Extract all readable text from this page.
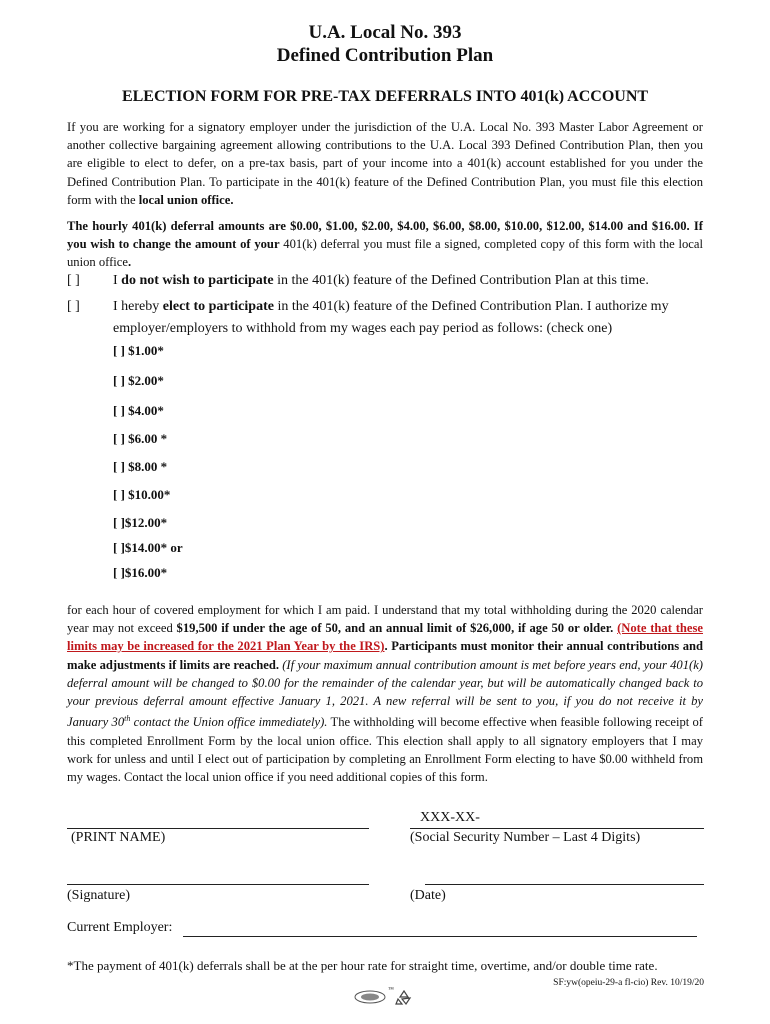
U.A. Local No. 393
Defined Contribution Plan
ELECTION FORM FOR PRE-TAX DEFERRALS INTO 401(k) ACCOUNT
If you are working for a signatory employer under the jurisdiction of the U.A. Local No. 393 Master Labor Agreement or another collective bargaining agreement allowing contributions to the U.A. Local 393 Defined Contribution Plan, then you are eligible to elect to defer, on a pre-tax basis, part of your income into a 401(k) account established for you under the Defined Contribution Plan. To participate in the 401(k) feature of the Defined Contribution Plan, you must file this election form with the local union office.
The hourly 401(k) deferral amounts are $0.00, $1.00, $2.00, $4.00, $6.00, $8.00, $10.00, $12.00, $14.00 and $16.00. If you wish to change the amount of your 401(k) deferral you must file a signed, completed copy of this form with the local union office.
[ ] I do not wish to participate in the 401(k) feature of the Defined Contribution Plan at this time.
[ ] I hereby elect to participate in the 401(k) feature of the Defined Contribution Plan. I authorize my employer/employers to withhold from my wages each pay period as follows: (check one)
[ ] $1.00*
[ ] $2.00*
[ ] $4.00*
[ ] $6.00 *
[ ] $8.00 *
[ ] $10.00*
[ ]$12.00*
[ ]$14.00* or
[ ]$16.00*
for each hour of covered employment for which I am paid. I understand that my total withholding during the 2020 calendar year may not exceed $19,500 if under the age of 50, and an annual limit of $26,000, if age 50 or older. (Note that these limits may be increased for the 2021 Plan Year by the IRS). Participants must monitor their annual contributions and make adjustments if limits are reached. (If your maximum annual contribution amount is met before years end, your 401(k) deferral amount will be changed to $0.00 for the remainder of the calendar year, but will be automatically changed back to your previous deferral amount effective January 1, 2021. A new referral will be sent to you, if you do not receive it by January 30th contact the Union office immediately). The withholding will become effective when feasible following receipt of this completed Enrollment Form by the local union office. This election shall apply to all signatory employers that I may work for unless and until I elect out of participation by completing an Enrollment Form electing to have $0.00 withheld from my wages. Contact the local union office if you need additional copies of this form.
XXX-XX-
(PRINT NAME)	(Social Security Number – Last 4 Digits)
(Signature)	(Date)
Current Employer:
*The payment of 401(k) deferrals shall be at the per hour rate for straight time, overtime, and/or double time rate.
SF:yw(opeiu-29-a fl-cio) Rev. 10/19/20
™
